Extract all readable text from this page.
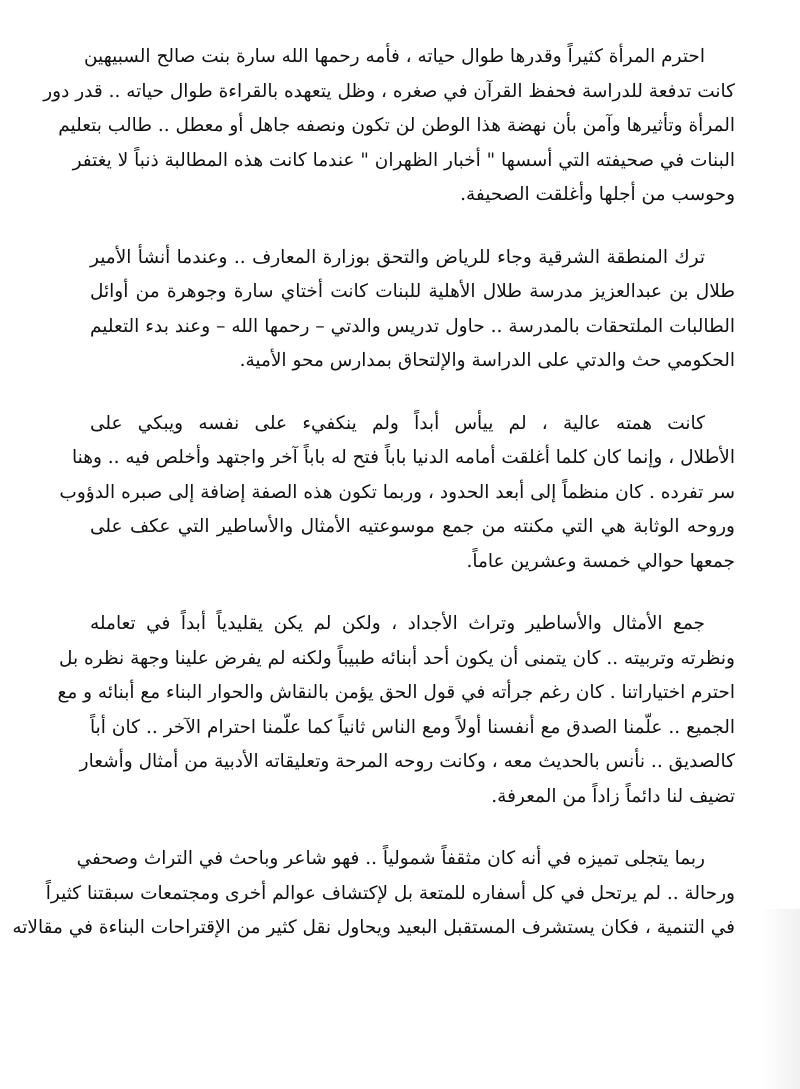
احترم المرأة كثيراً وقدرها طوال حياته ، فأمه رحمها الله سارة بنت صالح السبيهين
كانت تدفعة للدراسة فحفظ القرآن في صغره ، وظل يتعهده بالقراءة طوال حياته .. قدر دور
المرأة وتأثيرها وآمن بأن نهضة هذا الوطن لن تكون ونصفه جاهل أو معطل .. طالب بتعليم
البنات في صحيفته التي أسسها " أخبار الظهران " عندما كانت هذه المطالبة ذنباً لا يغتفر
وحوسب من أجلها وأغلقت الصحيفة.
ترك المنطقة الشرقية وجاء للرياض والتحق بوزارة المعارف .. وعندما أنشأ الأمير
طلال بن عبدالعزيز مدرسة طلال الأهلية للبنات كانت أختاي سارة وجوهرة من أوائل
الطالبات الملتحقات بالمدرسة .. حاول تدريس والدتي – رحمها الله – وعند بدء التعليم
الحكومي حث والدتي على الدراسة والإلتحاق بمدارس محو الأمية.
كانت همته عالية ، لم ييأس أبداً ولم ينكفيء على نفسه ويبكي على
الأطلال ، وإنما كان كلما أغلقت أمامه الدنيا باباً فتح له باباً آخر واجتهد وأخلص فيه .. وهنا
سر تفرده . كان منظماً إلى أبعد الحدود ، وربما تكون هذه الصفة إضافة إلى صبره الدؤوب
وروحه الوثابة هي التي مكنته من جمع موسوعتيه الأمثال والأساطير التي عكف على
جمعها حوالي خمسة وعشرين عاماً.
جمع الأمثال والأساطير وتراث الأجداد ، ولكن لم يكن يقليدياً أبداً في تعامله
ونظرته وتربيته .. كان يتمنى أن يكون أحد أبنائه طبيباً ولكنه لم يفرض علينا وجهة نظره بل
احترم اختياراتنا . كان رغم جرأته في قول الحق يؤمن بالنقاش والحوار البناء مع أبنائه و مع
الجميع .. علّمنا الصدق مع أنفسنا أولاً ومع الناس ثانياً كما علّمنا احترام الآخر .. كان أباً
كالصديق .. نأنس بالحديث معه ، وكانت روحه المرحة وتعليقاته الأدبية من أمثال وأشعار
تضيف لنا دائماً زاداً من المعرفة.
ربما يتجلى تميزه في أنه كان مثقفاً شمولياً .. فهو شاعر وباحث في التراث وصحفي
ورحالة .. لم يرتحل في كل أسفاره للمتعة بل لإكتشاف عوالم أخرى ومجتمعات سبقتنا كثيراً
في التنمية ، فكان يستشرف المستقبل البعيد ويحاول نقل كثير من الإقتراحات البناءة في مقالاته
